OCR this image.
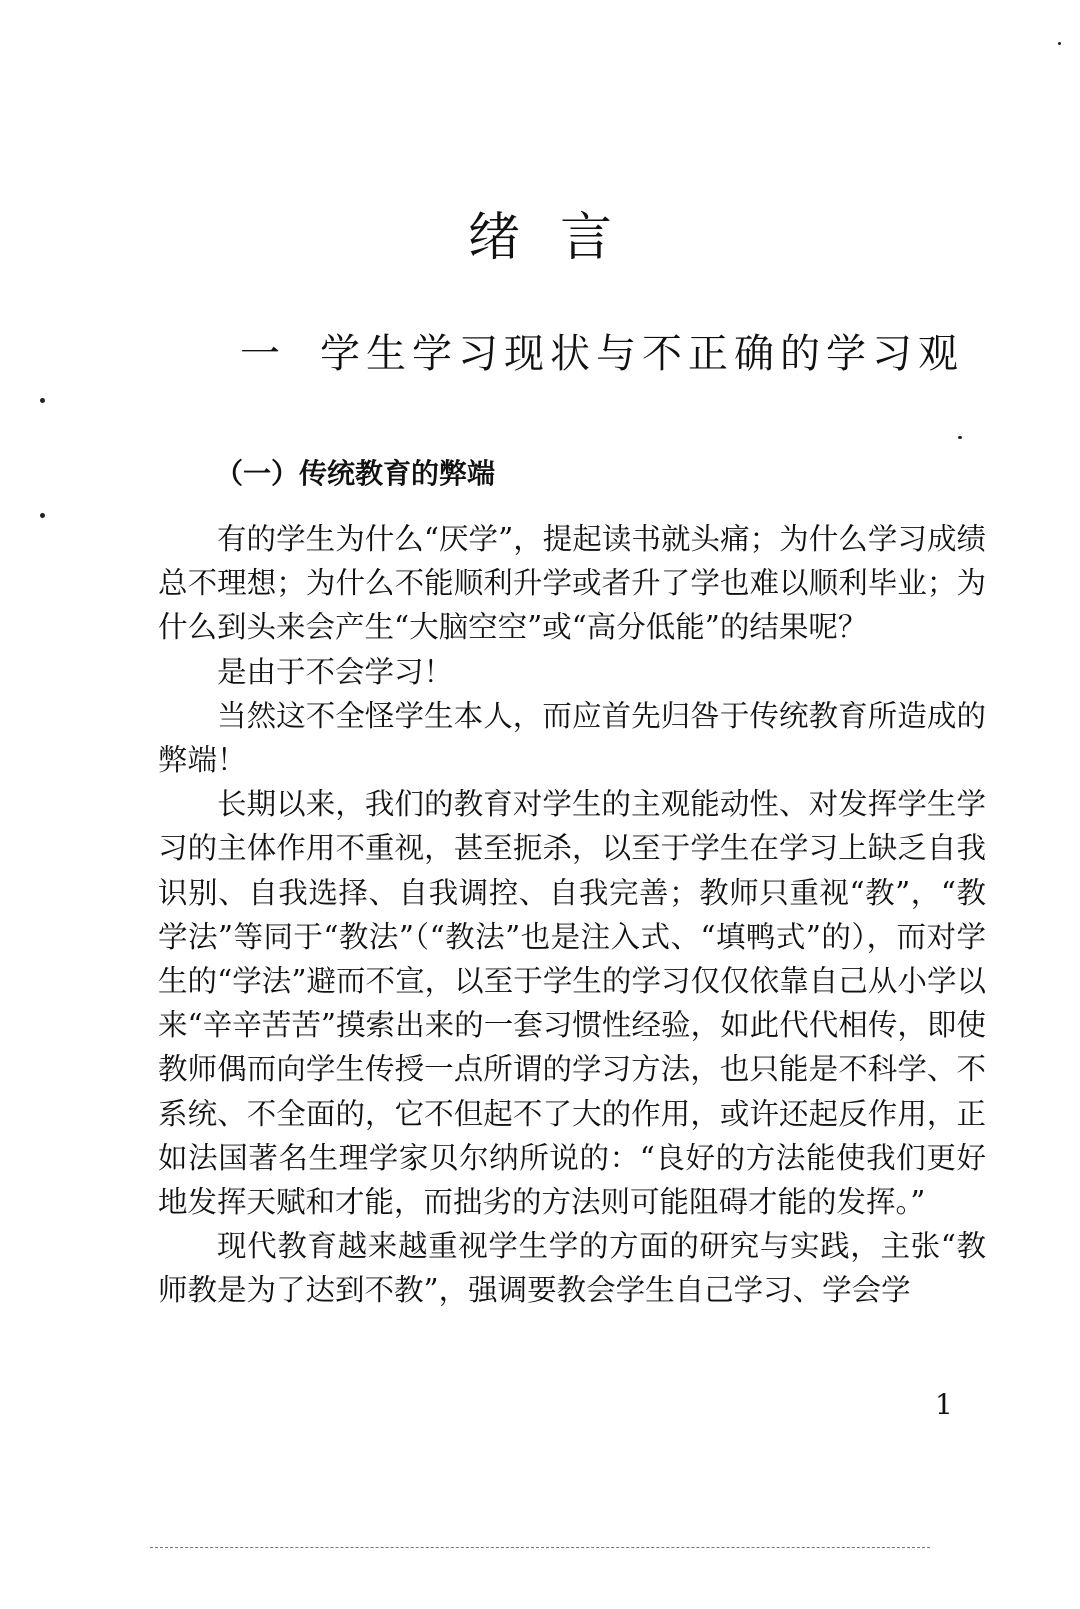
绪言
一 学生学习现状与不正确的学习观
（一）传统教育的弊端

有的学生为什么“厌学”，提起读书就头痛；为什么学习成绩总不理想；为什么不能顺利升学或者升了学也难以顺利毕业；为什么到头来会产生“大脑空空”或“高分低能”的结果呢？

是由于不会学习！

当然这不全怪学生本人，而应首先归咎于传统教育所造成的弊端！

长期以来，我们的教育对学生的主观能动性、对发挥学生学习的主体作用不重视，甚至扼杀，以至于学生在学习上缺乏自我识别、自我选择、自我调控、自我完善；教师只重视“教”，“教学法”等同于“教法”（“教法”也是注入式、“填鸭式”的），而对学生的“学法”避而不宣，以至于学生的学习仅仅依靠自己从小学以来“辛辛苦苦”摸索出来的一套习惯性经验，如此代代相传，即使教师偶而向学生传授一点所谓的学习方法，也只能是不科学、不系统、不全面的，它不但起不了大的作用，或许还起反作用，正如法国著名生理学家贝尔纳所说的：“良好的方法能使我们更好地发挥天赋和才能，而拙劣的方法则可能阻碍才能的发挥。”

现代教育越来越重视学生学的方面的研究与实践，主张“教师教是为了达到不教”，强调要教会学生自己学习、学会学

1
